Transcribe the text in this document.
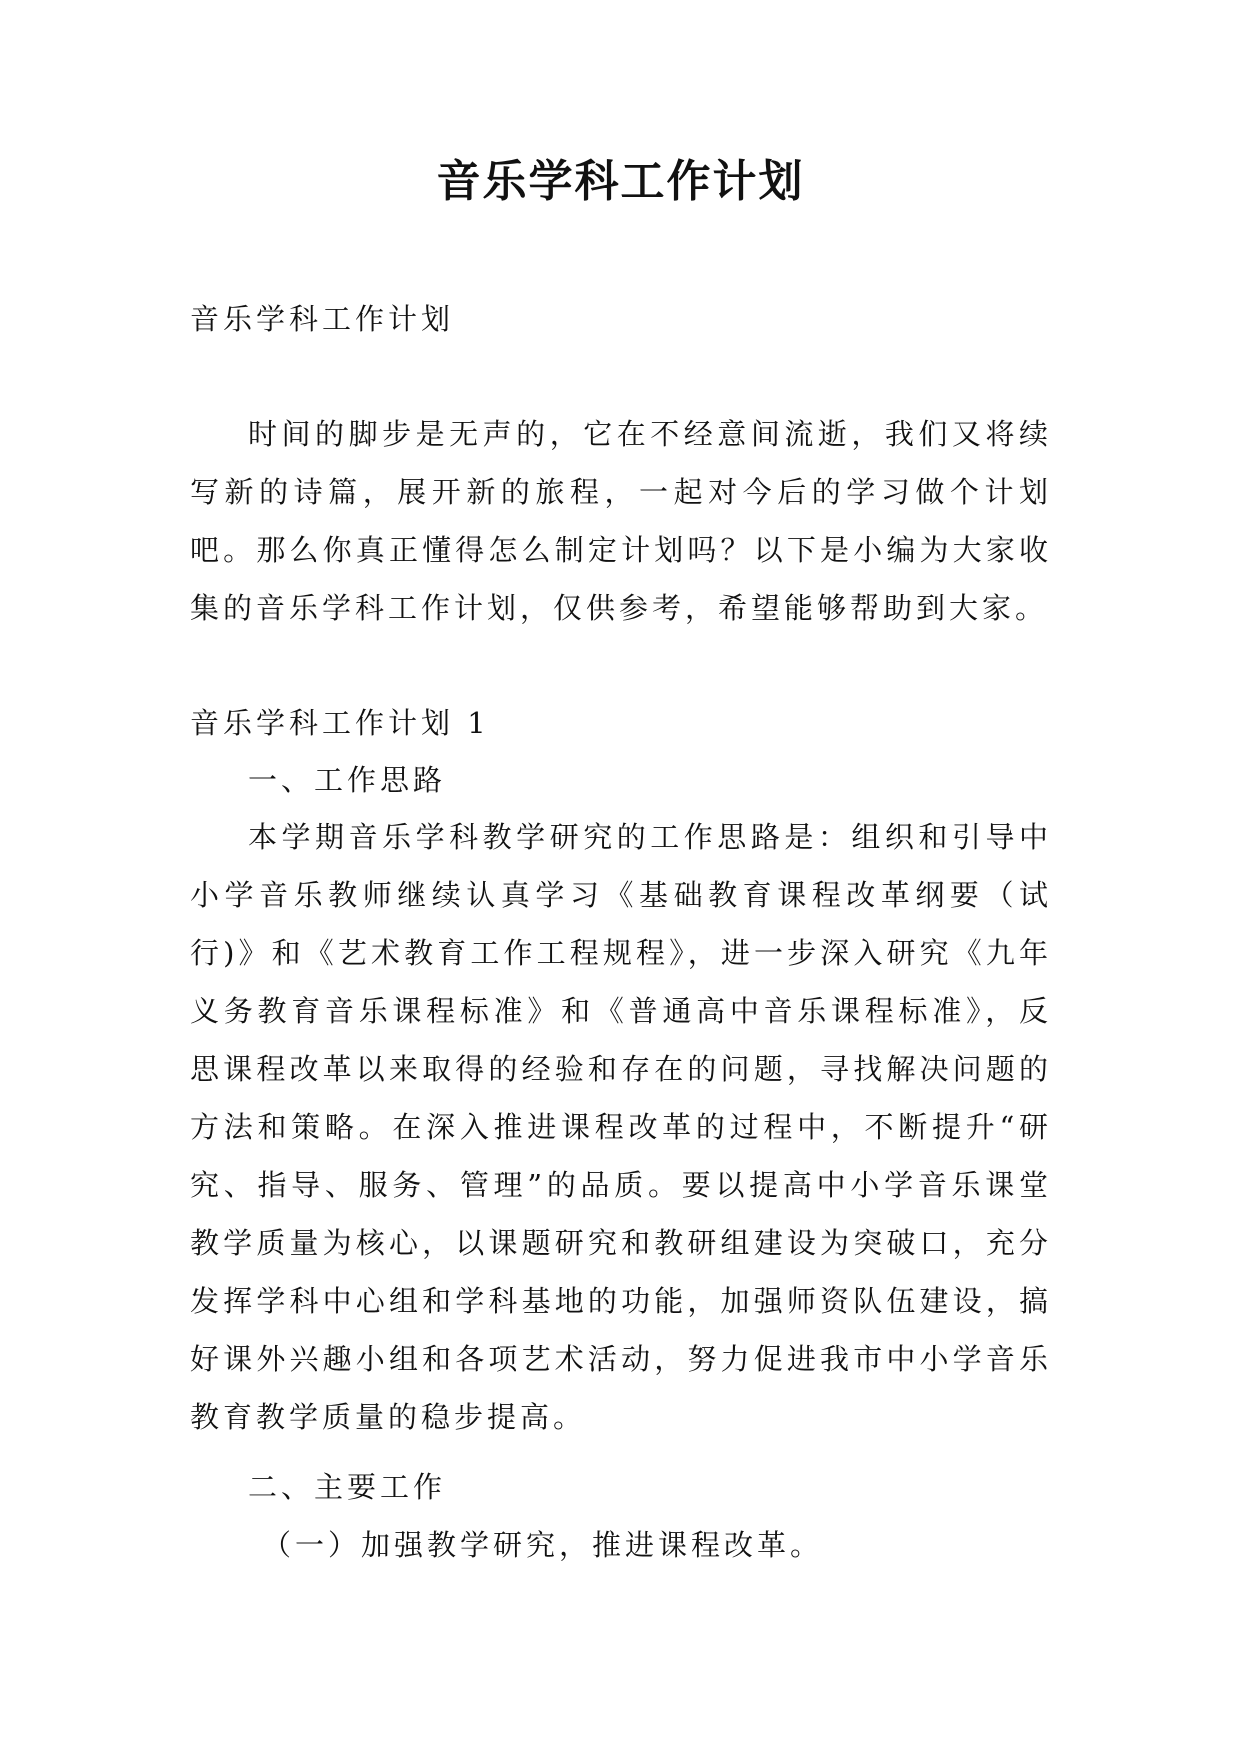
音乐学科工作计划
音乐学科工作计划
时间的脚步是无声的，它在不经意间流逝，我们又将续写新的诗篇，展开新的旅程，一起对今后的学习做个计划吧。那么你真正懂得怎么制定计划吗？以下是小编为大家收集的音乐学科工作计划，仅供参考，希望能够帮助到大家。
音乐学科工作计划 1
一、工作思路
本学期音乐学科教学研究的工作思路是：组织和引导中小学音乐教师继续认真学习《基础教育课程改革纲要（试行)》和《艺术教育工作工程规程》，进一步深入研究《九年义务教育音乐课程标准》和《普通高中音乐课程标准》，反思课程改革以来取得的经验和存在的问题，寻找解决问题的方法和策略。在深入推进课程改革的过程中，不断提升“研究、指导、服务、管理”的品质。要以提高中小学音乐课堂教学质量为核心，以课题研究和教研组建设为突破口，充分发挥学科中心组和学科基地的功能，加强师资队伍建设，搞好课外兴趣小组和各项艺术活动，努力促进我市中小学音乐教育教学质量的稳步提高。
二、主要工作
（一）加强教学研究，推进课程改革。
